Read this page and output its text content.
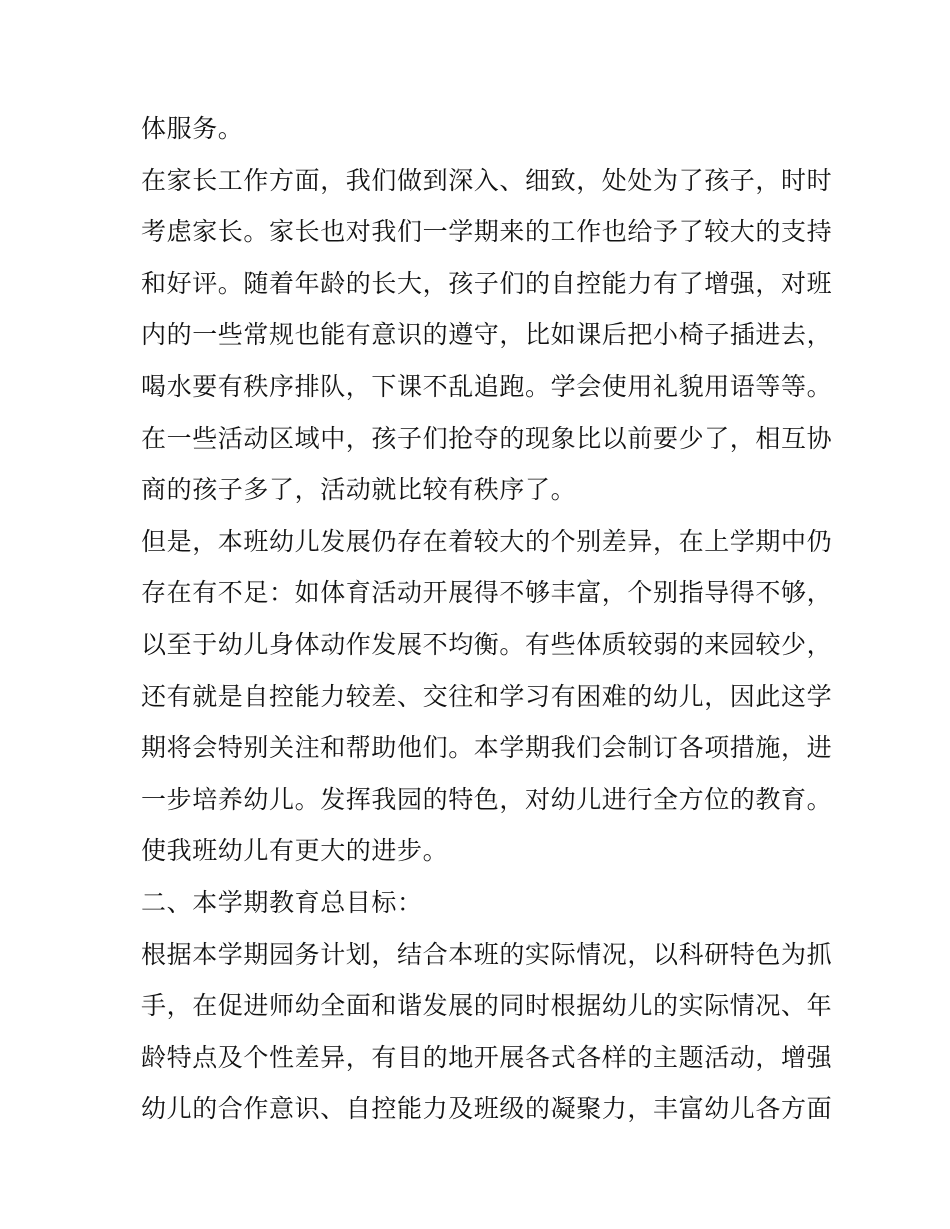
体服务。
在家长工作方面，我们做到深入、细致，处处为了孩子，时时
考虑家长。家长也对我们一学期来的工作也给予了较大的支持
和好评。随着年龄的长大，孩子们的自控能力有了增强，对班
内的一些常规也能有意识的遵守，比如课后把小椅子插进去，
喝水要有秩序排队，下课不乱追跑。学会使用礼貌用语等等。
在一些活动区域中，孩子们抢夺的现象比以前要少了，相互协
商的孩子多了，活动就比较有秩序了。
但是，本班幼儿发展仍存在着较大的个别差异，在上学期中仍
存在有不足：如体育活动开展得不够丰富，个别指导得不够，
以至于幼儿身体动作发展不均衡。有些体质较弱的来园较少，
还有就是自控能力较差、交往和学习有困难的幼儿，因此这学
期将会特别关注和帮助他们。本学期我们会制订各项措施，进
一步培养幼儿。发挥我园的特色，对幼儿进行全方位的教育。
使我班幼儿有更大的进步。
二、本学期教育总目标：
根据本学期园务计划，结合本班的实际情况，以科研特色为抓
手，在促进师幼全面和谐发展的同时根据幼儿的实际情况、年
龄特点及个性差异，有目的地开展各式各样的主题活动，增强
幼儿的合作意识、自控能力及班级的凝聚力，丰富幼儿各方面
